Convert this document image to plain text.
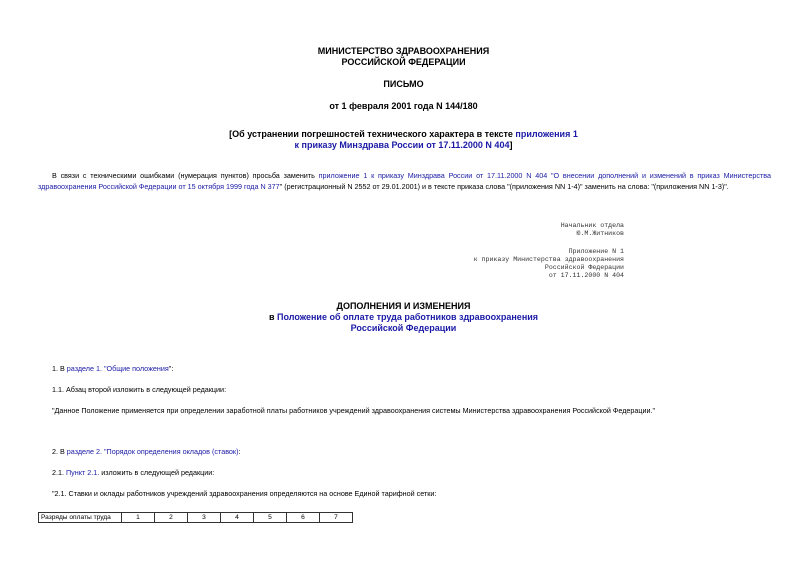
МИНИСТЕРСТВО ЗДРАВООХРАНЕНИЯ
РОССИЙСКОЙ ФЕДЕРАЦИИ
ПИСЬМО
от 1 февраля 2001 года N 144/180
[Об устранении погрешностей технического характера в тексте приложения 1
к приказу Минздрава России от 17.11.2000 N 404]
В связи с техническими ошибками (нумерация пунктов) просьба заменить приложение 1 к приказу Минздрава России от 17.11.2000 N 404 "О внесении дополнений и изменений в приказ Министерства здравоохранения Российской Федерации от 15 октября 1999 года N 377" (регистрационный N 2552 от 29.01.2001) и в тексте приказа слова "(приложения NN 1-4)" заменить на слова: "(приложения NN 1-3)".
Начальник отдела
Ю.М.Житников
Приложение N 1
к приказу Министерства здравоохранения
Российской Федерации
от 17.11.2000 N 404
ДОПОЛНЕНИЯ И ИЗМЕНЕНИЯ
в Положение об оплате труда работников здравоохранения
Российской Федерации
1. В разделе 1. "Общие положения":
1.1. Абзац второй изложить в следующей редакции:
"Данное Положение применяется при определении заработной платы работников учреждений здравоохранения системы Министерства здравоохранения Российской Федерации."
2. В разделе 2. "Порядок определения окладов (ставок):
2.1. Пункт 2.1. изложить в следующей редакции:
"2.1. Ставки и оклады работников учреждений здравоохранения определяются на основе Единой тарифной сетки:
Разряды оплаты труда	1	2	3	4	5	6	7
